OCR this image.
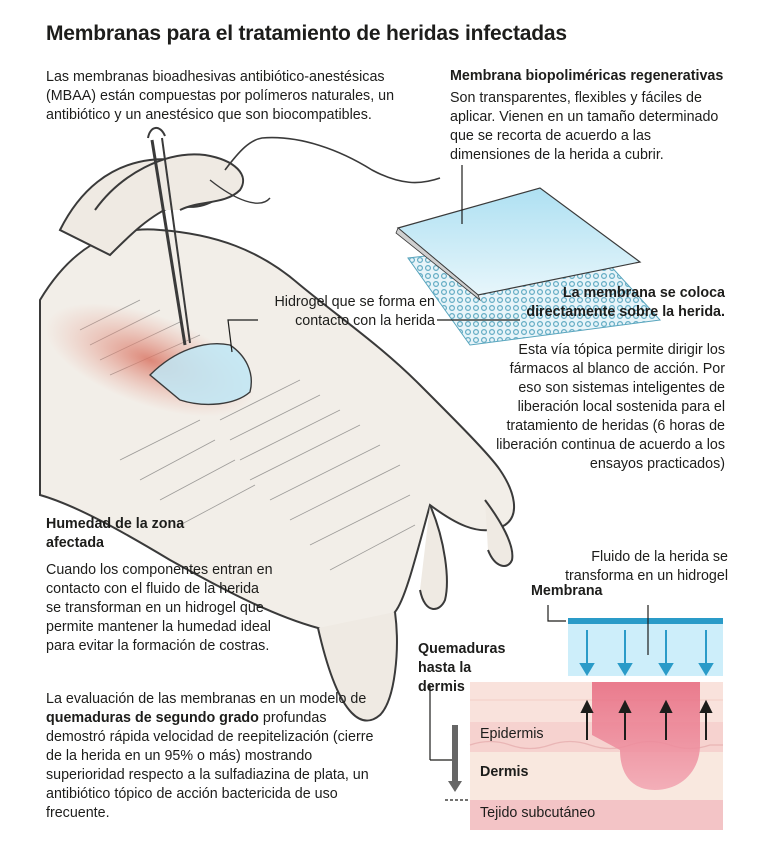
Membranas para el tratamiento de heridas infectadas
Las membranas bioadhesivas antibiótico-anestésicas (MBAA) están compuestas por polímeros naturales, un antibiótico y un anestésico que son biocompatibles.
Membrana biopoliméricas regenerativas
Son transparentes, flexibles y fáciles de aplicar. Vienen en un tamaño determinado que se recorta de acuerdo a las dimensiones de la herida a cubrir.
Hidrogel que se forma en contacto con la herida
La membrana se coloca directamente sobre la herida.
Esta vía tópica permite dirigir los fármacos al blanco de acción. Por eso son sistemas inteligentes de liberación local sostenida para el tratamiento de heridas (6 horas de liberación continua de acuerdo a los ensayos practicados)
Humedad de la zona afectada
Cuando los componentes entran en contacto con el fluido de la herida se transforman en un hidrogel que permite mantener la humedad ideal para evitar la formación de costras.
La evaluación de las membranas en un modelo de quemaduras de segundo grado profundas demostró rápida velocidad de reepitelización (cierre de la herida en un 95% o más) mostrando superioridad respecto a la sulfadiazina de plata, un antibiótico tópico de acción bactericida de uso frecuente.
Fluido de la herida se transforma en un hidrogel
Membrana
Quemaduras hasta la dermis
Epidermis
Dermis
Tejido subcutáneo
